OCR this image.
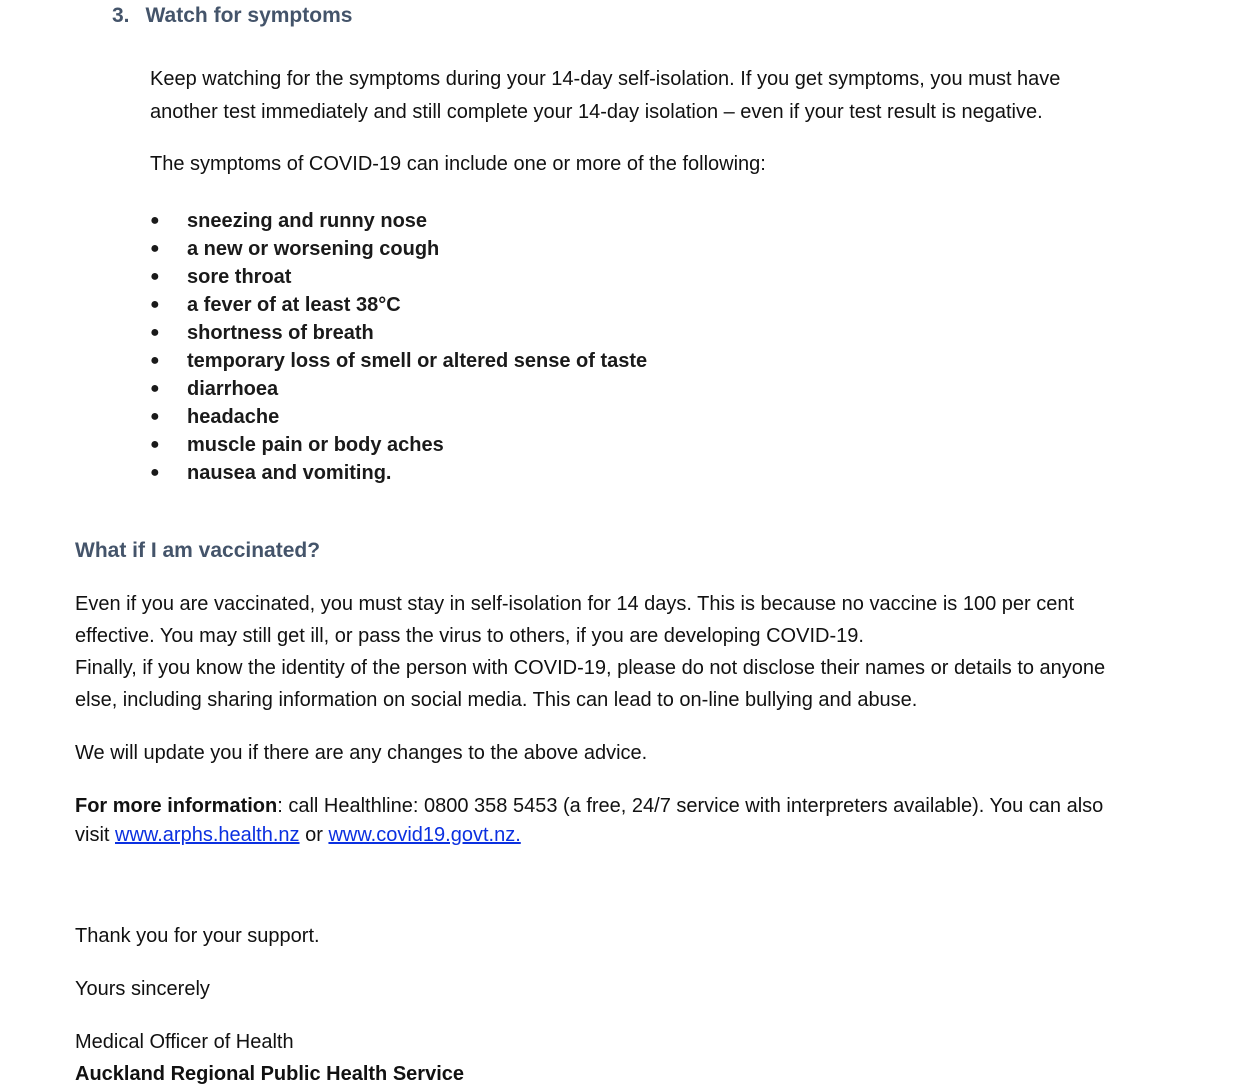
3. Watch for symptoms
Keep watching for the symptoms during your 14-day self-isolation. If you get symptoms, you must have
another test immediately and still complete your 14-day isolation – even if your test result is negative.
The symptoms of COVID-19 can include one or more of the following:
●	sneezing and runny nose
●	a new or worsening cough
●	sore throat
●	a fever of at least 38°C
●	shortness of breath
●	temporary loss of smell or altered sense of taste
●	diarrhoea
●	headache
●	muscle pain or body aches
●	nausea and vomiting.
What if I am vaccinated?
Even if you are vaccinated, you must stay in self-isolation for 14 days. This is because no vaccine is 100 per cent
effective. You may still get ill, or pass the virus to others, if you are developing COVID-19.
Finally, if you know the identity of the person with COVID-19, please do not disclose their names or details to anyone
else, including sharing information on social media. This can lead to on-line bullying and abuse.
We will update you if there are any changes to the above advice.
For more information: call Healthline: 0800 358 5453 (a free, 24/7 service with interpreters available). You can also
visit www.arphs.health.nz or www.covid19.govt.nz.
Thank you for your support.
Yours sincerely
Medical Officer of Health
Auckland Regional Public Health Service
